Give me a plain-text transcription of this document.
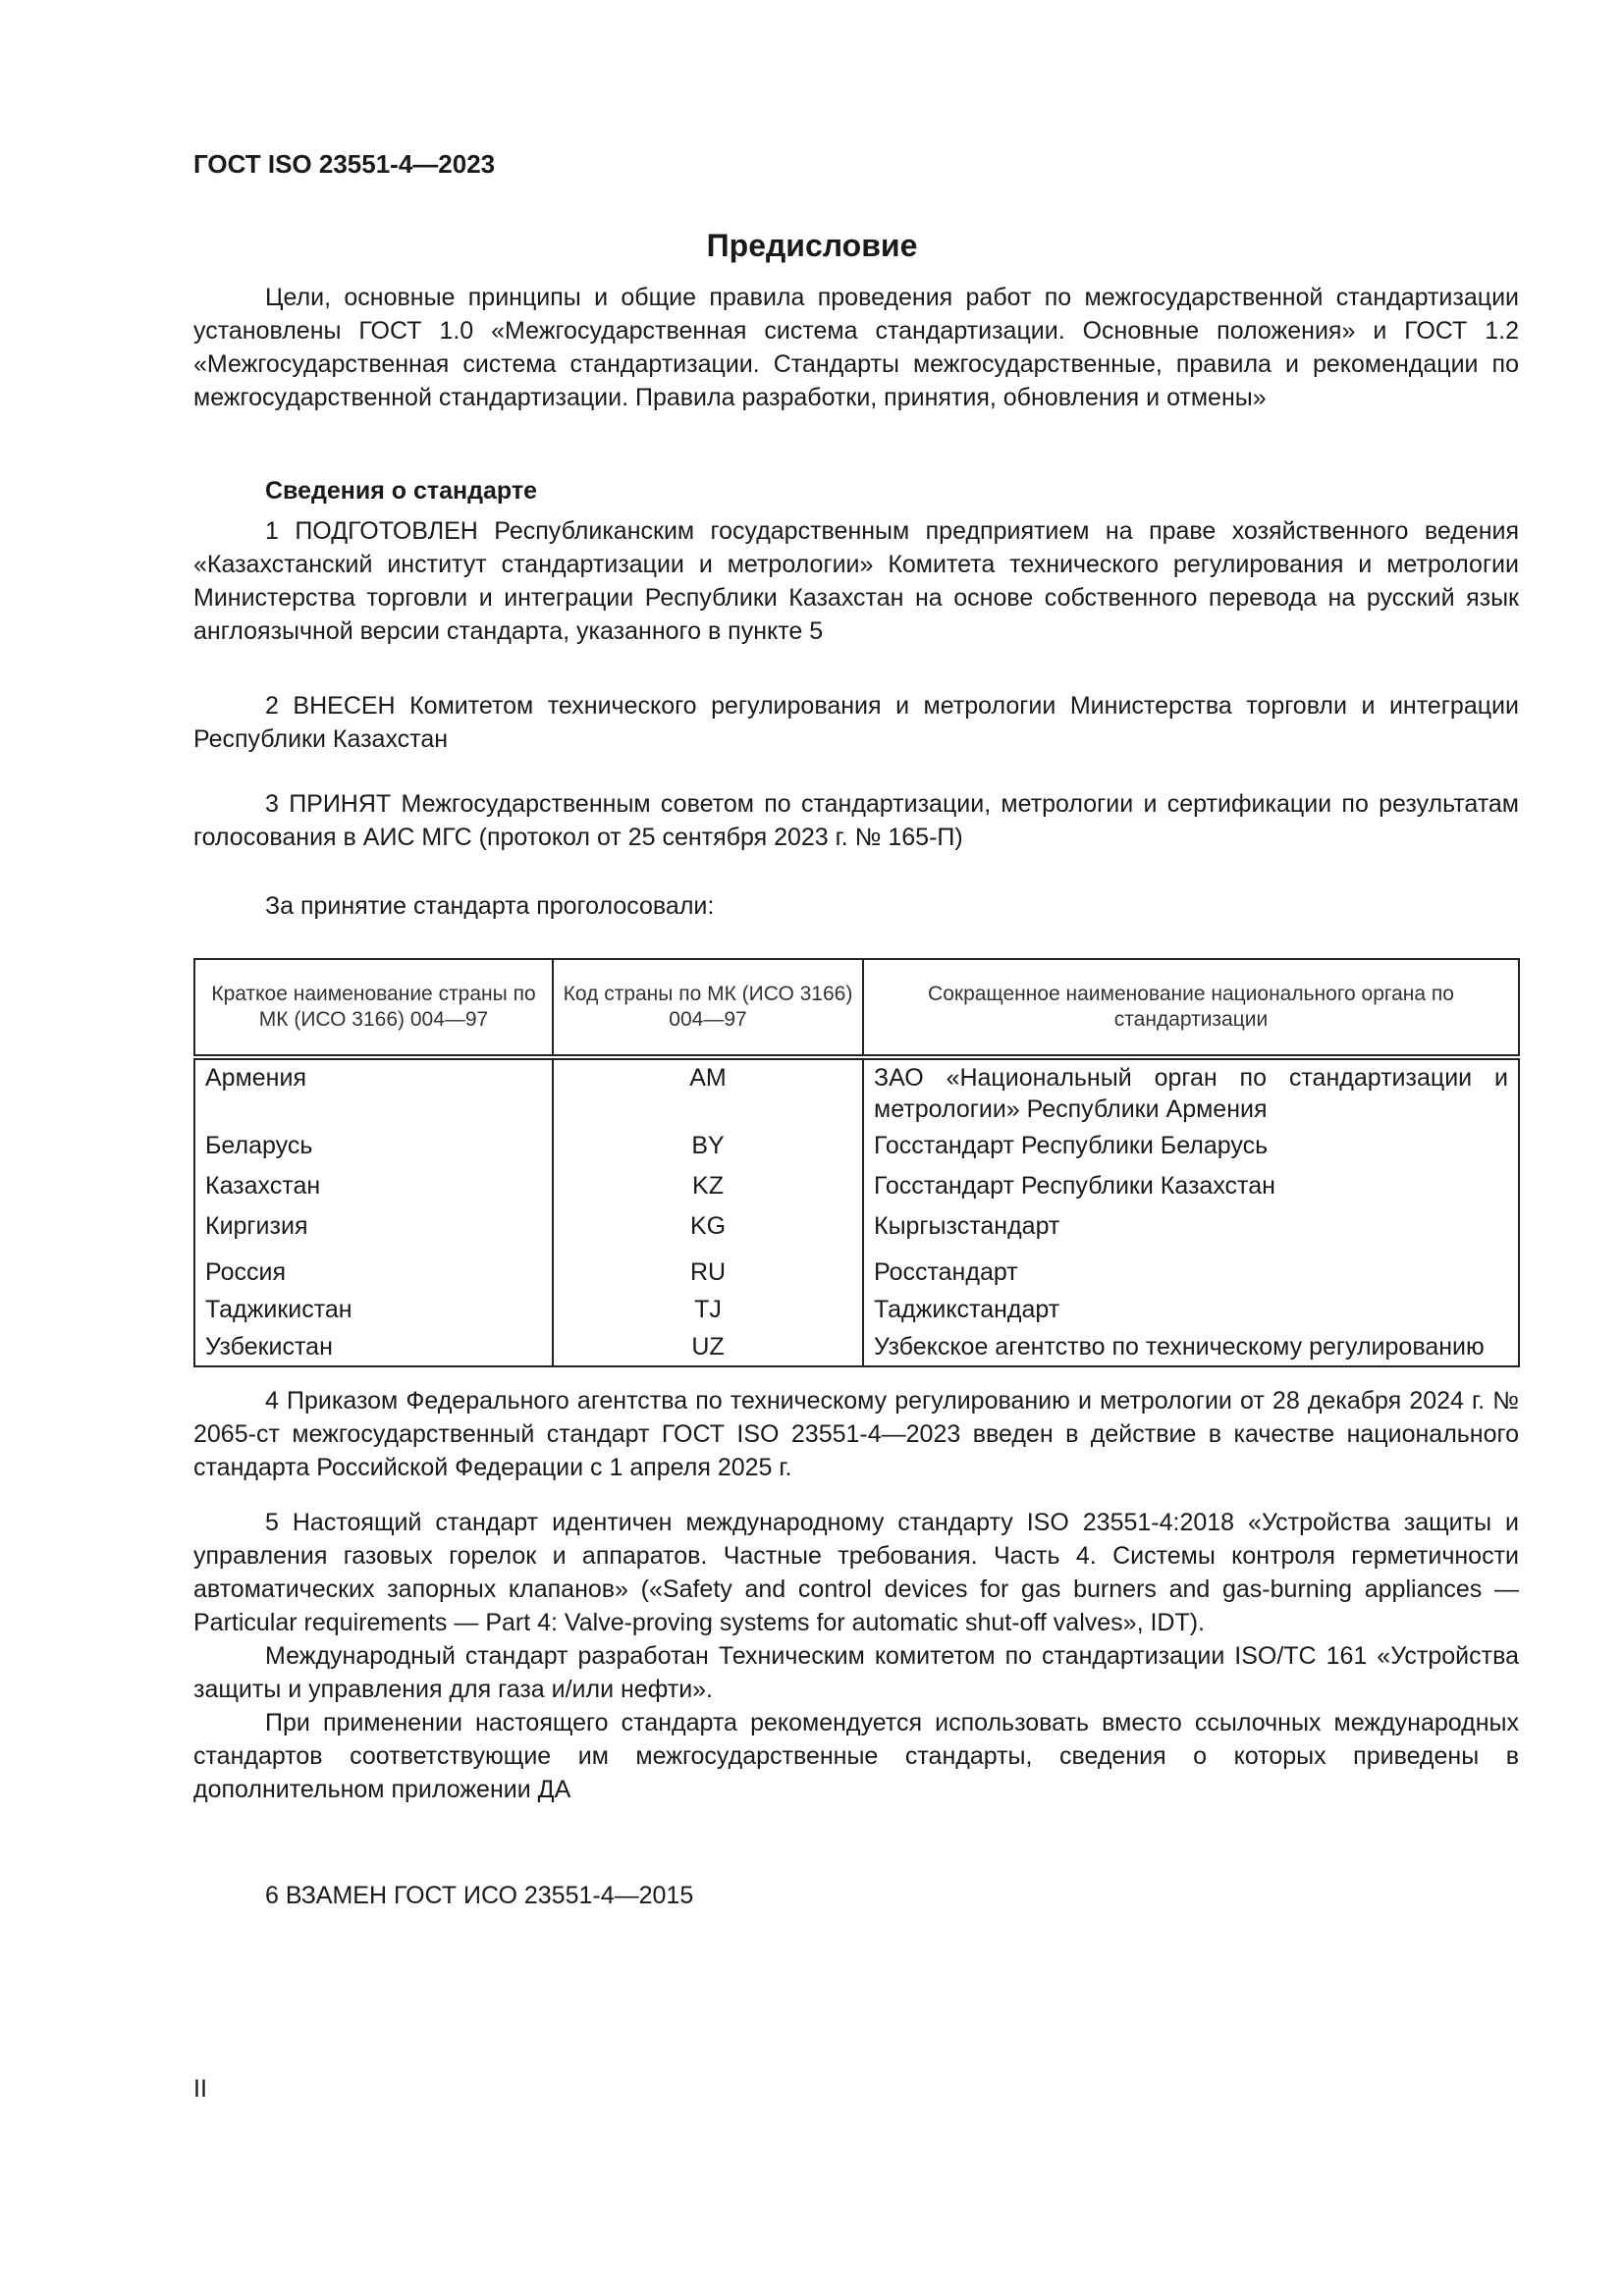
ГОСТ ISO 23551-4—2023
Предисловие

Цели, основные принципы и общие правила проведения работ по межгосударственной стандартизации установлены ГОСТ 1.0 «Межгосударственная система стандартизации. Основные положения» и ГОСТ 1.2 «Межгосударственная система стандартизации. Стандарты межгосударственные, правила и рекомендации по межгосударственной стандартизации. Правила разработки, принятия, обновления и отмены»

Сведения о стандарте

1 ПОДГОТОВЛЕН Республиканским государственным предприятием на праве хозяйственного ведения «Казахстанский институт стандартизации и метрологии» Комитета технического регулирования и метрологии Министерства торговли и интеграции Республики Казахстан на основе собственного перевода на русский язык англоязычной версии стандарта, указанного в пункте 5

2 ВНЕСЕН Комитетом технического регулирования и метрологии Министерства торговли и интеграции Республики Казахстан

3 ПРИНЯТ Межгосударственным советом по стандартизации, метрологии и сертификации по результатам голосования в АИС МГС (протокол от 25 сентября 2023 г. № 165-П)

За принятие стандарта проголосовали:

Краткое наименование страны по МК (ИСО 3166) 004—97	Код страны по МК (ИСО 3166) 004—97	Сокращенное наименование национального органа по стандартизации
Армения	AM	ЗАО «Национальный орган по стандартизации и метрологии» Республики Армения
Беларусь	BY	Госстандарт Республики Беларусь
Казахстан	KZ	Госстандарт Республики Казахстан
Киргизия	KG	Кыргызстандарт
Россия	RU	Росстандарт
Таджикистан	TJ	Таджикстандарт
Узбекистан	UZ	Узбекское агентство по техническому регулированию

4 Приказом Федерального агентства по техническому регулированию и метрологии от 28 декабря 2024 г. № 2065-ст межгосударственный стандарт ГОСТ ISO 23551-4—2023 введен в действие в качестве национального стандарта Российской Федерации с 1 апреля 2025 г.

5 Настоящий стандарт идентичен международному стандарту ISO 23551-4:2018 «Устройства защиты и управления газовых горелок и аппаратов. Частные требования. Часть 4. Системы контроля герметичности автоматических запорных клапанов» («Safety and control devices for gas burners and gas-burning appliances — Particular requirements — Part 4: Valve-proving systems for automatic shut-off valves», IDT).

Международный стандарт разработан Техническим комитетом по стандартизации ISO/TC 161 «Устройства защиты и управления для газа и/или нефти».

При применении настоящего стандарта рекомендуется использовать вместо ссылочных международных стандартов соответствующие им межгосударственные стандарты, сведения о которых приведены в дополнительном приложении ДА

6 ВЗАМЕН ГОСТ ИСО 23551-4—2015

II
